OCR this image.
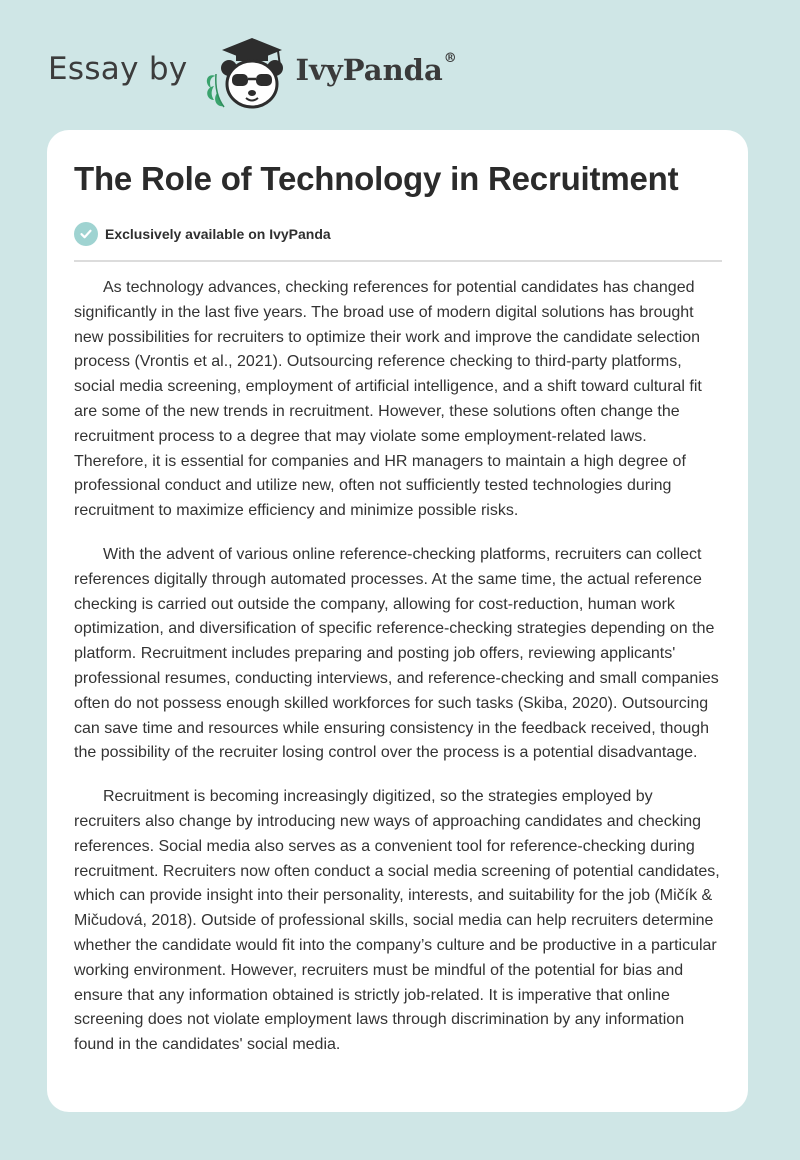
Essay by	IvyPanda®
The Role of Technology in Recruitment
Exclusively available on IvyPanda

As technology advances, checking references for potential candidates has changed significantly in the last five years. The broad use of modern digital solutions has brought new possibilities for recruiters to optimize their work and improve the candidate selection process (Vrontis et al., 2021). Outsourcing reference checking to third-party platforms, social media screening, employment of artificial intelligence, and a shift toward cultural fit are some of the new trends in recruitment. However, these solutions often change the recruitment process to a degree that may violate some employment-related laws. Therefore, it is essential for companies and HR managers to maintain a high degree of professional conduct and utilize new, often not sufficiently tested technologies during recruitment to maximize efficiency and minimize possible risks.

With the advent of various online reference-checking platforms, recruiters can collect references digitally through automated processes. At the same time, the actual reference checking is carried out outside the company, allowing for cost-reduction, human work optimization, and diversification of specific reference-checking strategies depending on the platform. Recruitment includes preparing and posting job offers, reviewing applicants' professional resumes, conducting interviews, and reference-checking and small companies often do not possess enough skilled workforces for such tasks (Skiba, 2020). Outsourcing can save time and resources while ensuring consistency in the feedback received, though the possibility of the recruiter losing control over the process is a potential disadvantage.

Recruitment is becoming increasingly digitized, so the strategies employed by recruiters also change by introducing new ways of approaching candidates and checking references. Social media also serves as a convenient tool for reference-checking during recruitment. Recruiters now often conduct a social media screening of potential candidates, which can provide insight into their personality, interests, and suitability for the job (Mičík & Mičudová, 2018). Outside of professional skills, social media can help recruiters determine whether the candidate would fit into the company’s culture and be productive in a particular working environment. However, recruiters must be mindful of the potential for bias and ensure that any information obtained is strictly job-related. It is imperative that online screening does not violate employment laws through discrimination by any information found in the candidates' social media.
